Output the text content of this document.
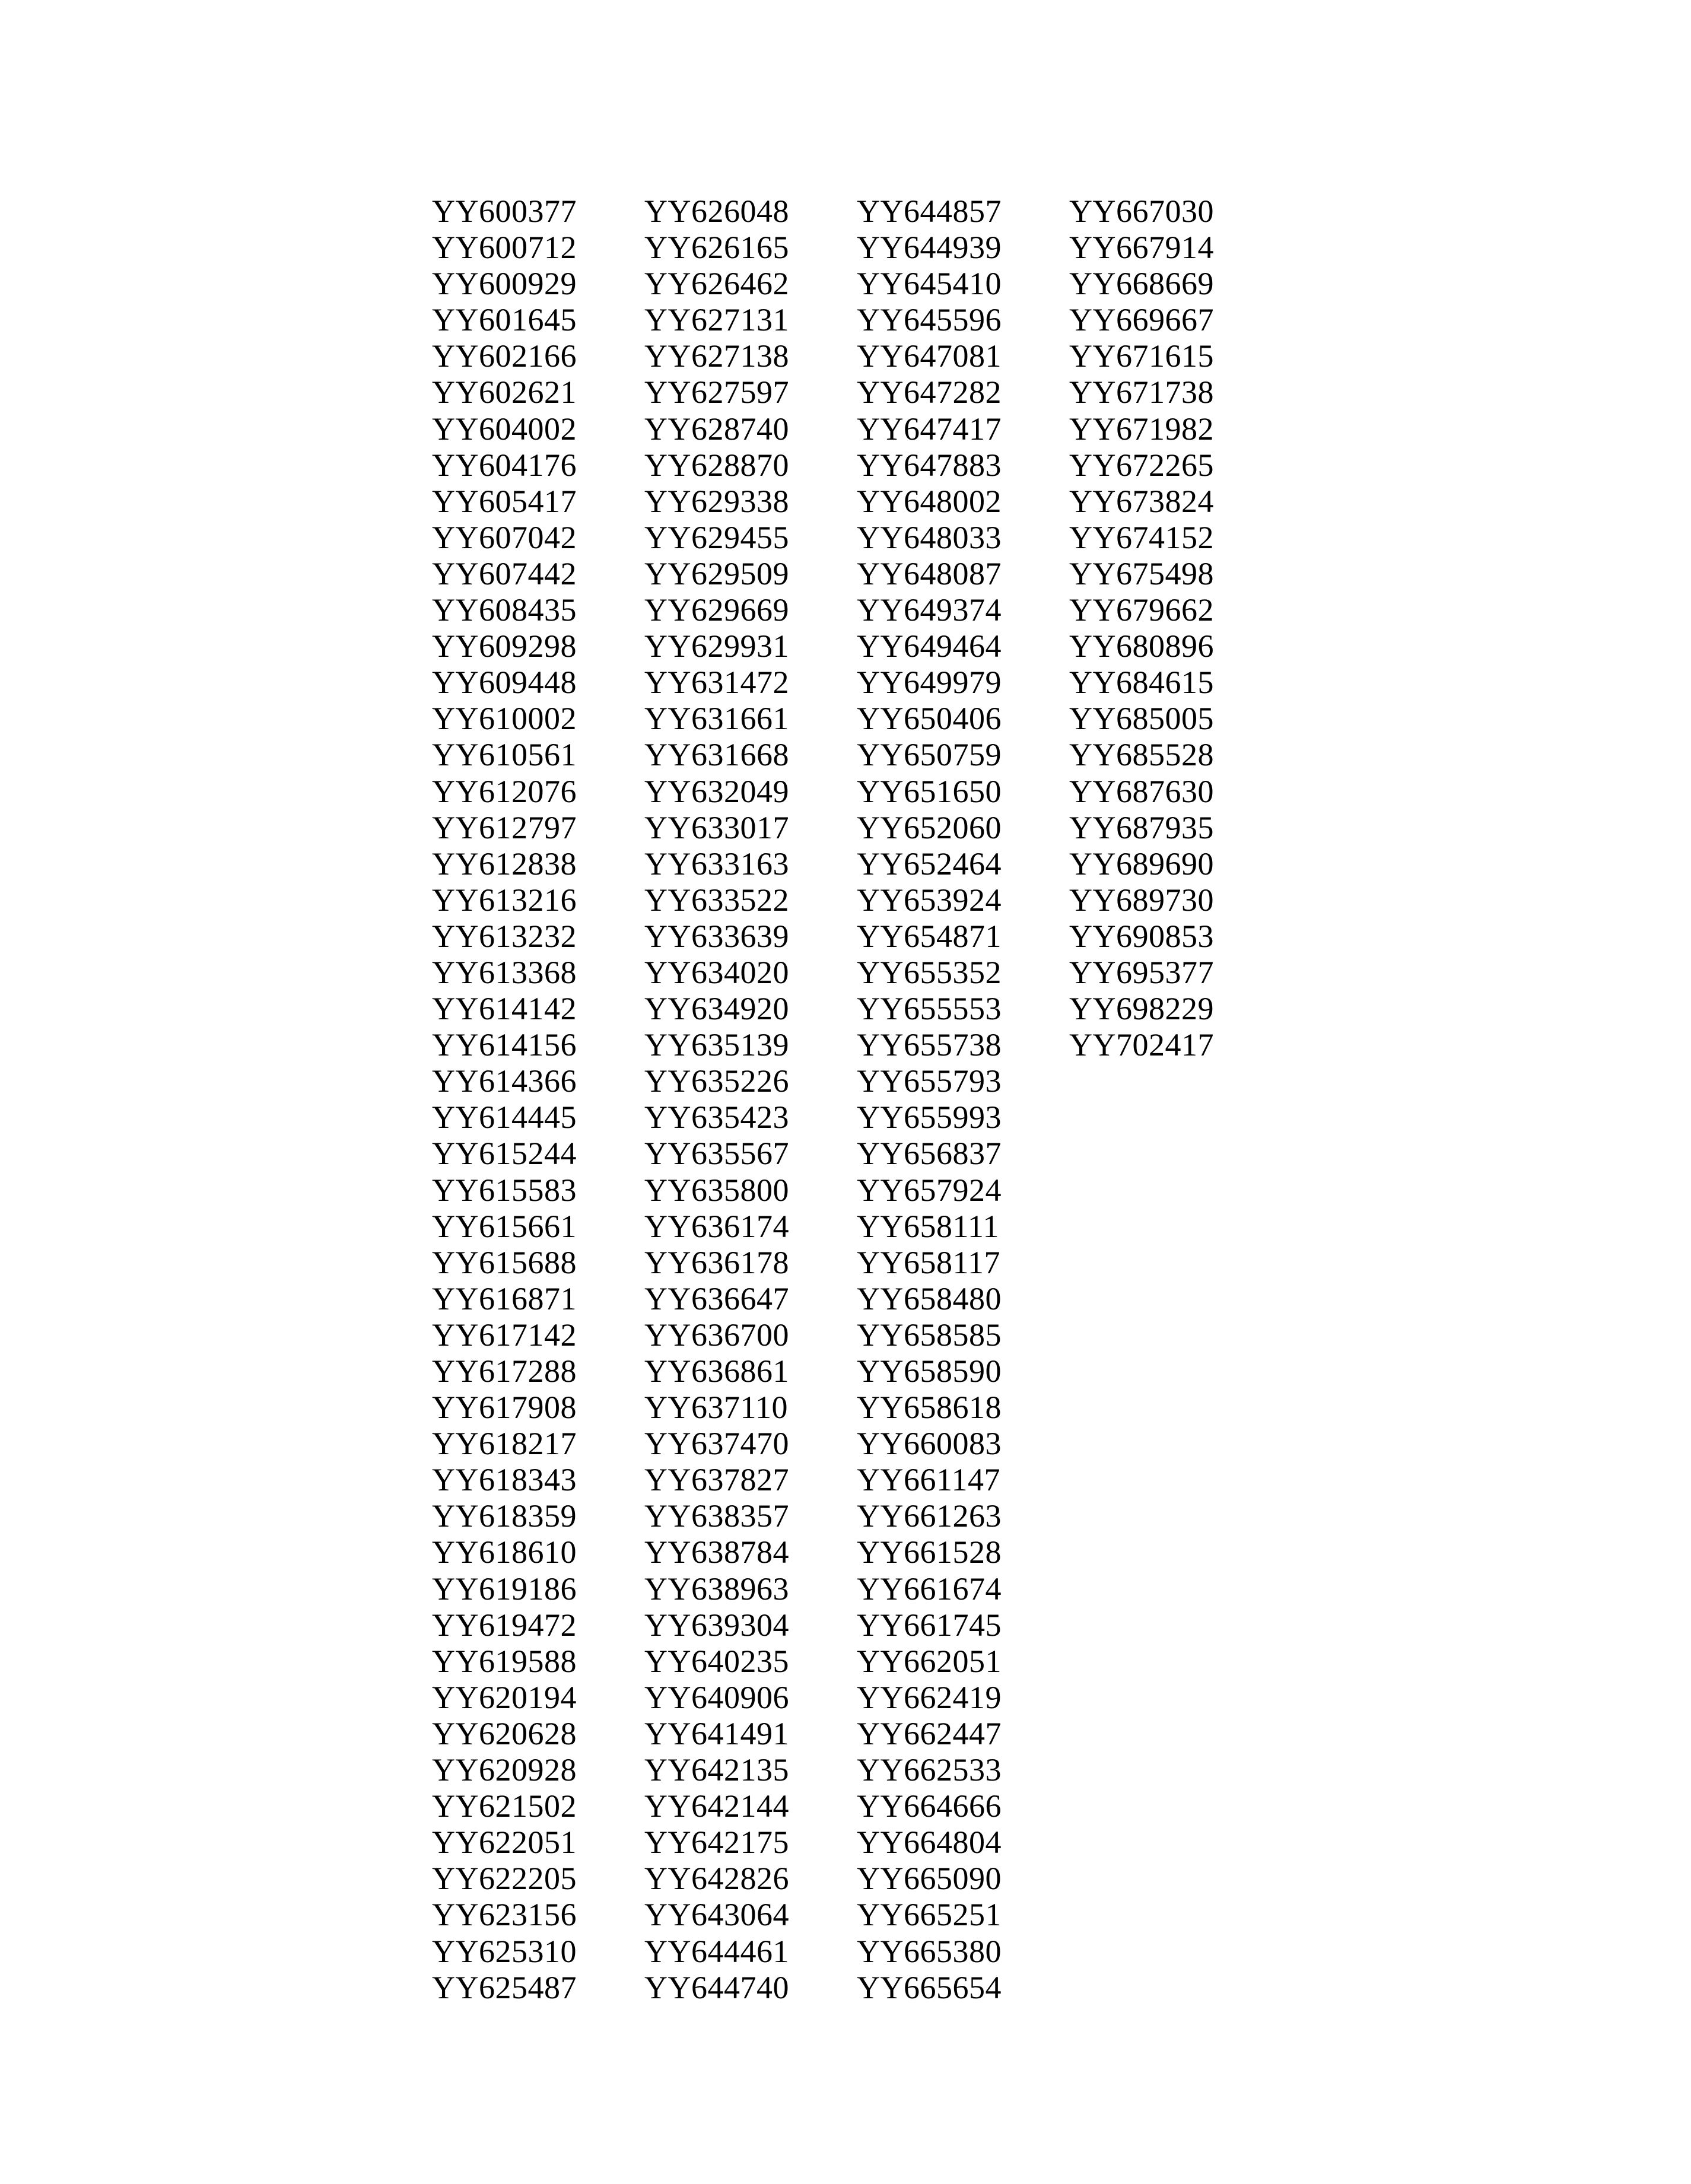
YY600377
YY600712
YY600929
YY601645
YY602166
YY602621
YY604002
YY604176
YY605417
YY607042
YY607442
YY608435
YY609298
YY609448
YY610002
YY610561
YY612076
YY612797
YY612838
YY613216
YY613232
YY613368
YY614142
YY614156
YY614366
YY614445
YY615244
YY615583
YY615661
YY615688
YY616871
YY617142
YY617288
YY617908
YY618217
YY618343
YY618359
YY618610
YY619186
YY619472
YY619588
YY620194
YY620628
YY620928
YY621502
YY622051
YY622205
YY623156
YY625310
YY625487
YY626048
YY626165
YY626462
YY627131
YY627138
YY627597
YY628740
YY628870
YY629338
YY629455
YY629509
YY629669
YY629931
YY631472
YY631661
YY631668
YY632049
YY633017
YY633163
YY633522
YY633639
YY634020
YY634920
YY635139
YY635226
YY635423
YY635567
YY635800
YY636174
YY636178
YY636647
YY636700
YY636861
YY637110
YY637470
YY637827
YY638357
YY638784
YY638963
YY639304
YY640235
YY640906
YY641491
YY642135
YY642144
YY642175
YY642826
YY643064
YY644461
YY644740
YY644857
YY644939
YY645410
YY645596
YY647081
YY647282
YY647417
YY647883
YY648002
YY648033
YY648087
YY649374
YY649464
YY649979
YY650406
YY650759
YY651650
YY652060
YY652464
YY653924
YY654871
YY655352
YY655553
YY655738
YY655793
YY655993
YY656837
YY657924
YY658111
YY658117
YY658480
YY658585
YY658590
YY658618
YY660083
YY661147
YY661263
YY661528
YY661674
YY661745
YY662051
YY662419
YY662447
YY662533
YY664666
YY664804
YY665090
YY665251
YY665380
YY665654
YY667030
YY667914
YY668669
YY669667
YY671615
YY671738
YY671982
YY672265
YY673824
YY674152
YY675498
YY679662
YY680896
YY684615
YY685005
YY685528
YY687630
YY687935
YY689690
YY689730
YY690853
YY695377
YY698229
YY702417
